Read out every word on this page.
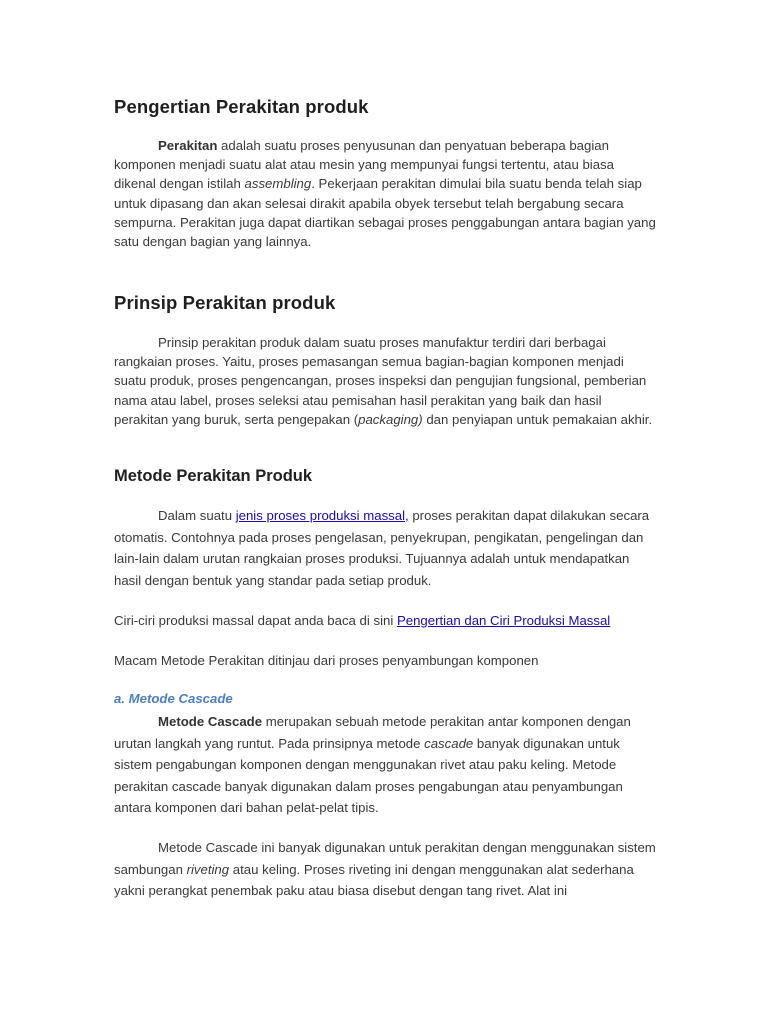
Pengertian Perakitan produk

Perakitan adalah suatu proses penyusunan dan penyatuan beberapa bagian komponen menjadi suatu alat atau mesin yang mempunyai fungsi tertentu, atau biasa dikenal dengan istilah assembling. Pekerjaan perakitan dimulai bila suatu benda telah siap untuk dipasang dan akan selesai dirakit apabila obyek tersebut telah bergabung secara sempurna. Perakitan juga dapat diartikan sebagai proses penggabungan antara bagian yang satu dengan bagian yang lainnya.

Prinsip Perakitan produk

Prinsip perakitan produk dalam suatu proses manufaktur terdiri dari berbagai rangkaian proses. Yaitu, proses pemasangan semua bagian-bagian komponen menjadi suatu produk, proses pengencangan, proses inspeksi dan pengujian fungsional, pemberian nama atau label, proses seleksi atau pemisahan hasil perakitan yang baik dan hasil perakitan yang buruk, serta pengepakan (packaging) dan penyiapan untuk pemakaian akhir.

Metode Perakitan Produk

Dalam suatu jenis proses produksi massal, proses perakitan dapat dilakukan secara otomatis. Contohnya pada proses pengelasan, penyekrupan, pengikatan, pengelingan dan lain-lain dalam urutan rangkaian proses produksi. Tujuannya adalah untuk mendapatkan hasil dengan bentuk yang standar pada setiap produk.

Ciri-ciri produksi massal dapat anda baca di sini Pengertian dan Ciri Produksi Massal

Macam Metode Perakitan ditinjau dari proses penyambungan komponen

a. Metode Cascade

Metode Cascade merupakan sebuah metode perakitan antar komponen dengan urutan langkah yang runtut. Pada prinsipnya metode cascade banyak digunakan untuk sistem pengabungan komponen dengan menggunakan rivet atau paku keling. Metode perakitan cascade banyak digunakan dalam proses pengabungan atau penyambungan antara komponen dari bahan pelat-pelat tipis.

Metode Cascade ini banyak digunakan untuk perakitan dengan menggunakan sistem sambungan riveting atau keling. Proses riveting ini dengan menggunakan alat sederhana yakni perangkat penembak paku atau biasa disebut dengan tang rivet. Alat ini
